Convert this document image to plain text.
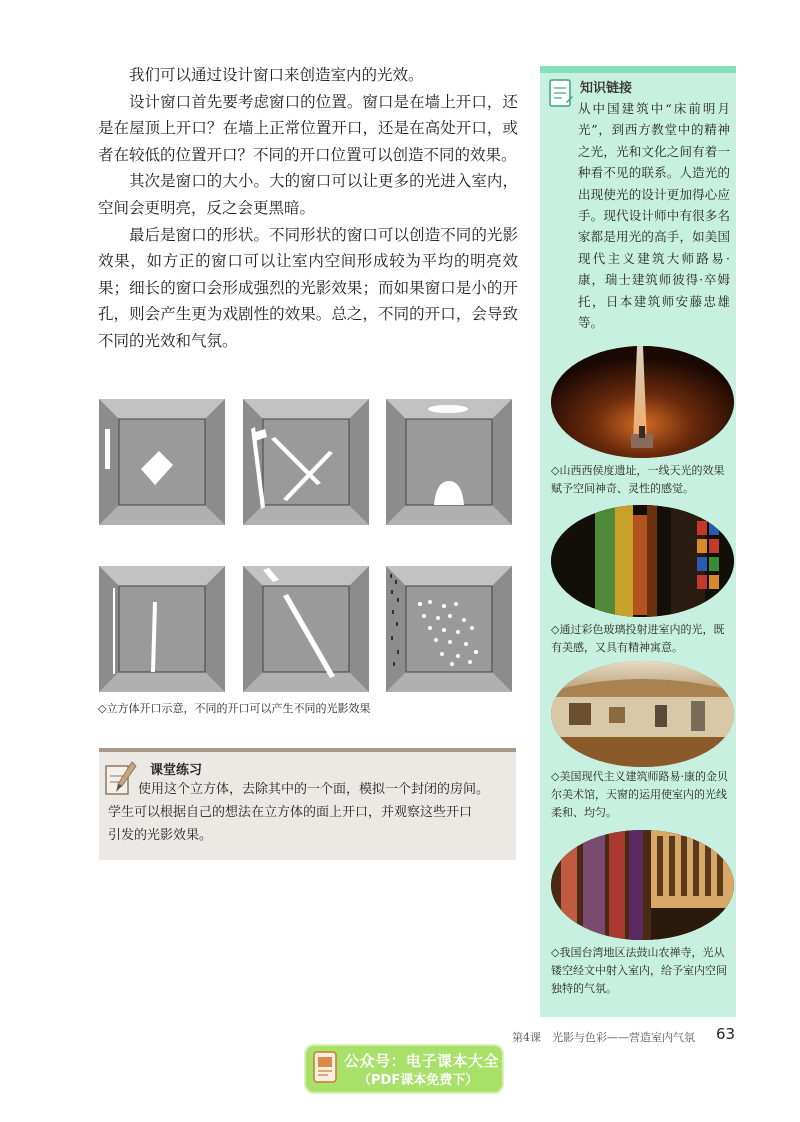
我们可以通过设计窗口来创造室内的光效。

设计窗口首先要考虑窗口的位置。窗口是在墙上开口，还是在屋顶上开口？在墙上正常位置开口，还是在高处开口，或者在较低的位置开口？不同的开口位置可以创造不同的效果。

其次是窗口的大小。大的窗口可以让更多的光进入室内，空间会更明亮，反之会更黑暗。

最后是窗口的形状。不同形状的窗口可以创造不同的光影效果，如方正的窗口可以让室内空间形成较为平均的明亮效果；细长的窗口会形成强烈的光影效果；而如果窗口是小的开孔，则会产生更为戏剧性的效果。总之，不同的开口，会导致不同的光效和气氛。

◇立方体开口示意，不同的开口可以产生不同的光影效果
课堂练习
使用这个立方体，去除其中的一个面，模拟一个封闭的房间。
学生可以根据自己的想法在立方体的面上开口，并观察这些开口
引发的光影效果。
知识链接
从中国建筑中“床前明月光”，到西方教堂中的精神之光，光和文化之间有着一种看不见的联系。人造光的出现使光的设计更加得心应手。现代设计师中有很多名家都是用光的高手，如美国现代主义建筑大师路易·康，瑞士建筑师彼得·卒姆托，日本建筑师安藤忠雄等。
◇山西西侯度遗址，一线天光的效果赋予空间神奇、灵性的感觉。
◇通过彩色玻璃投射进室内的光，既有美感，又具有精神寓意。
◇美国现代主义建筑师路易·康的金贝尔美术馆，天窗的运用使室内的光线柔和、均匀。
◇我国台湾地区法鼓山农禅寺，光从镂空经文中射入室内，给予室内空间独特的气氛。
第4课　光影与色彩——营造室内气氛 63
公众号：电子课本大全
（PDF课本免费下）
